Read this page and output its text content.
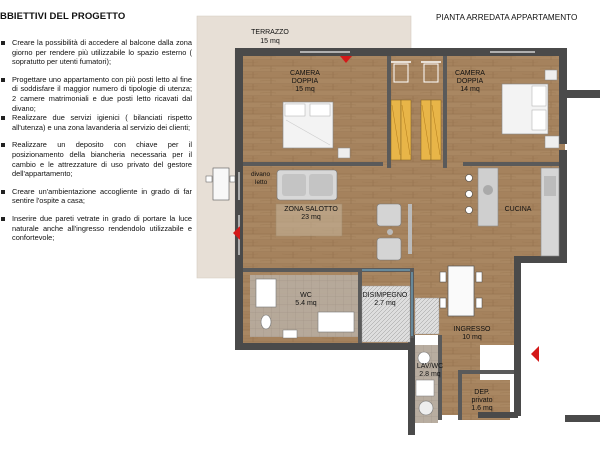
BBIETTIVI DEL PROGETTO	PIANTA ARREDATA APPARTAMENTO
Creare la possibilità di accedere al balcone dalla zona giorno per rendere più utilizzabile lo spazio esterno ( sopratutto per utenti fumatori);
Progettare uno appartamento con più posti letto al fine di soddisfare il maggior numero di tipologie di utenza; 2 camere matrimoniali e due posti letto ricavati dal divano;
Realizzare due servizi igienici ( bilanciati rispetto all'utenza) e una zona lavanderia al servizio dei clienti;
Realizzare un deposito con chiave per il posizionamento della biancheria necessaria per il cambio e le attrezzature di uso privato del gestore dell'appartamento;
Creare un'ambientazione accogliente in grado di far sentire l'ospite a casa;
Inserire due pareti vetrate in grado di portare la luce naturale anche all'ingresso rendendolo utilizzabile e confortevole;
TERRAZZO
15 mq
CAMERA
DOPPIA
15 mq
CAMERA
DOPPIA
14 mq
divano
letto
ZONA SALOTTO
23 mq
CUCINA
WC
5.4 mq
DISIMPEGNO
2.7 mq
INGRESSO
10 mq
LAV/WC
2.8 mq
DEP.
privato
1.6 mq
